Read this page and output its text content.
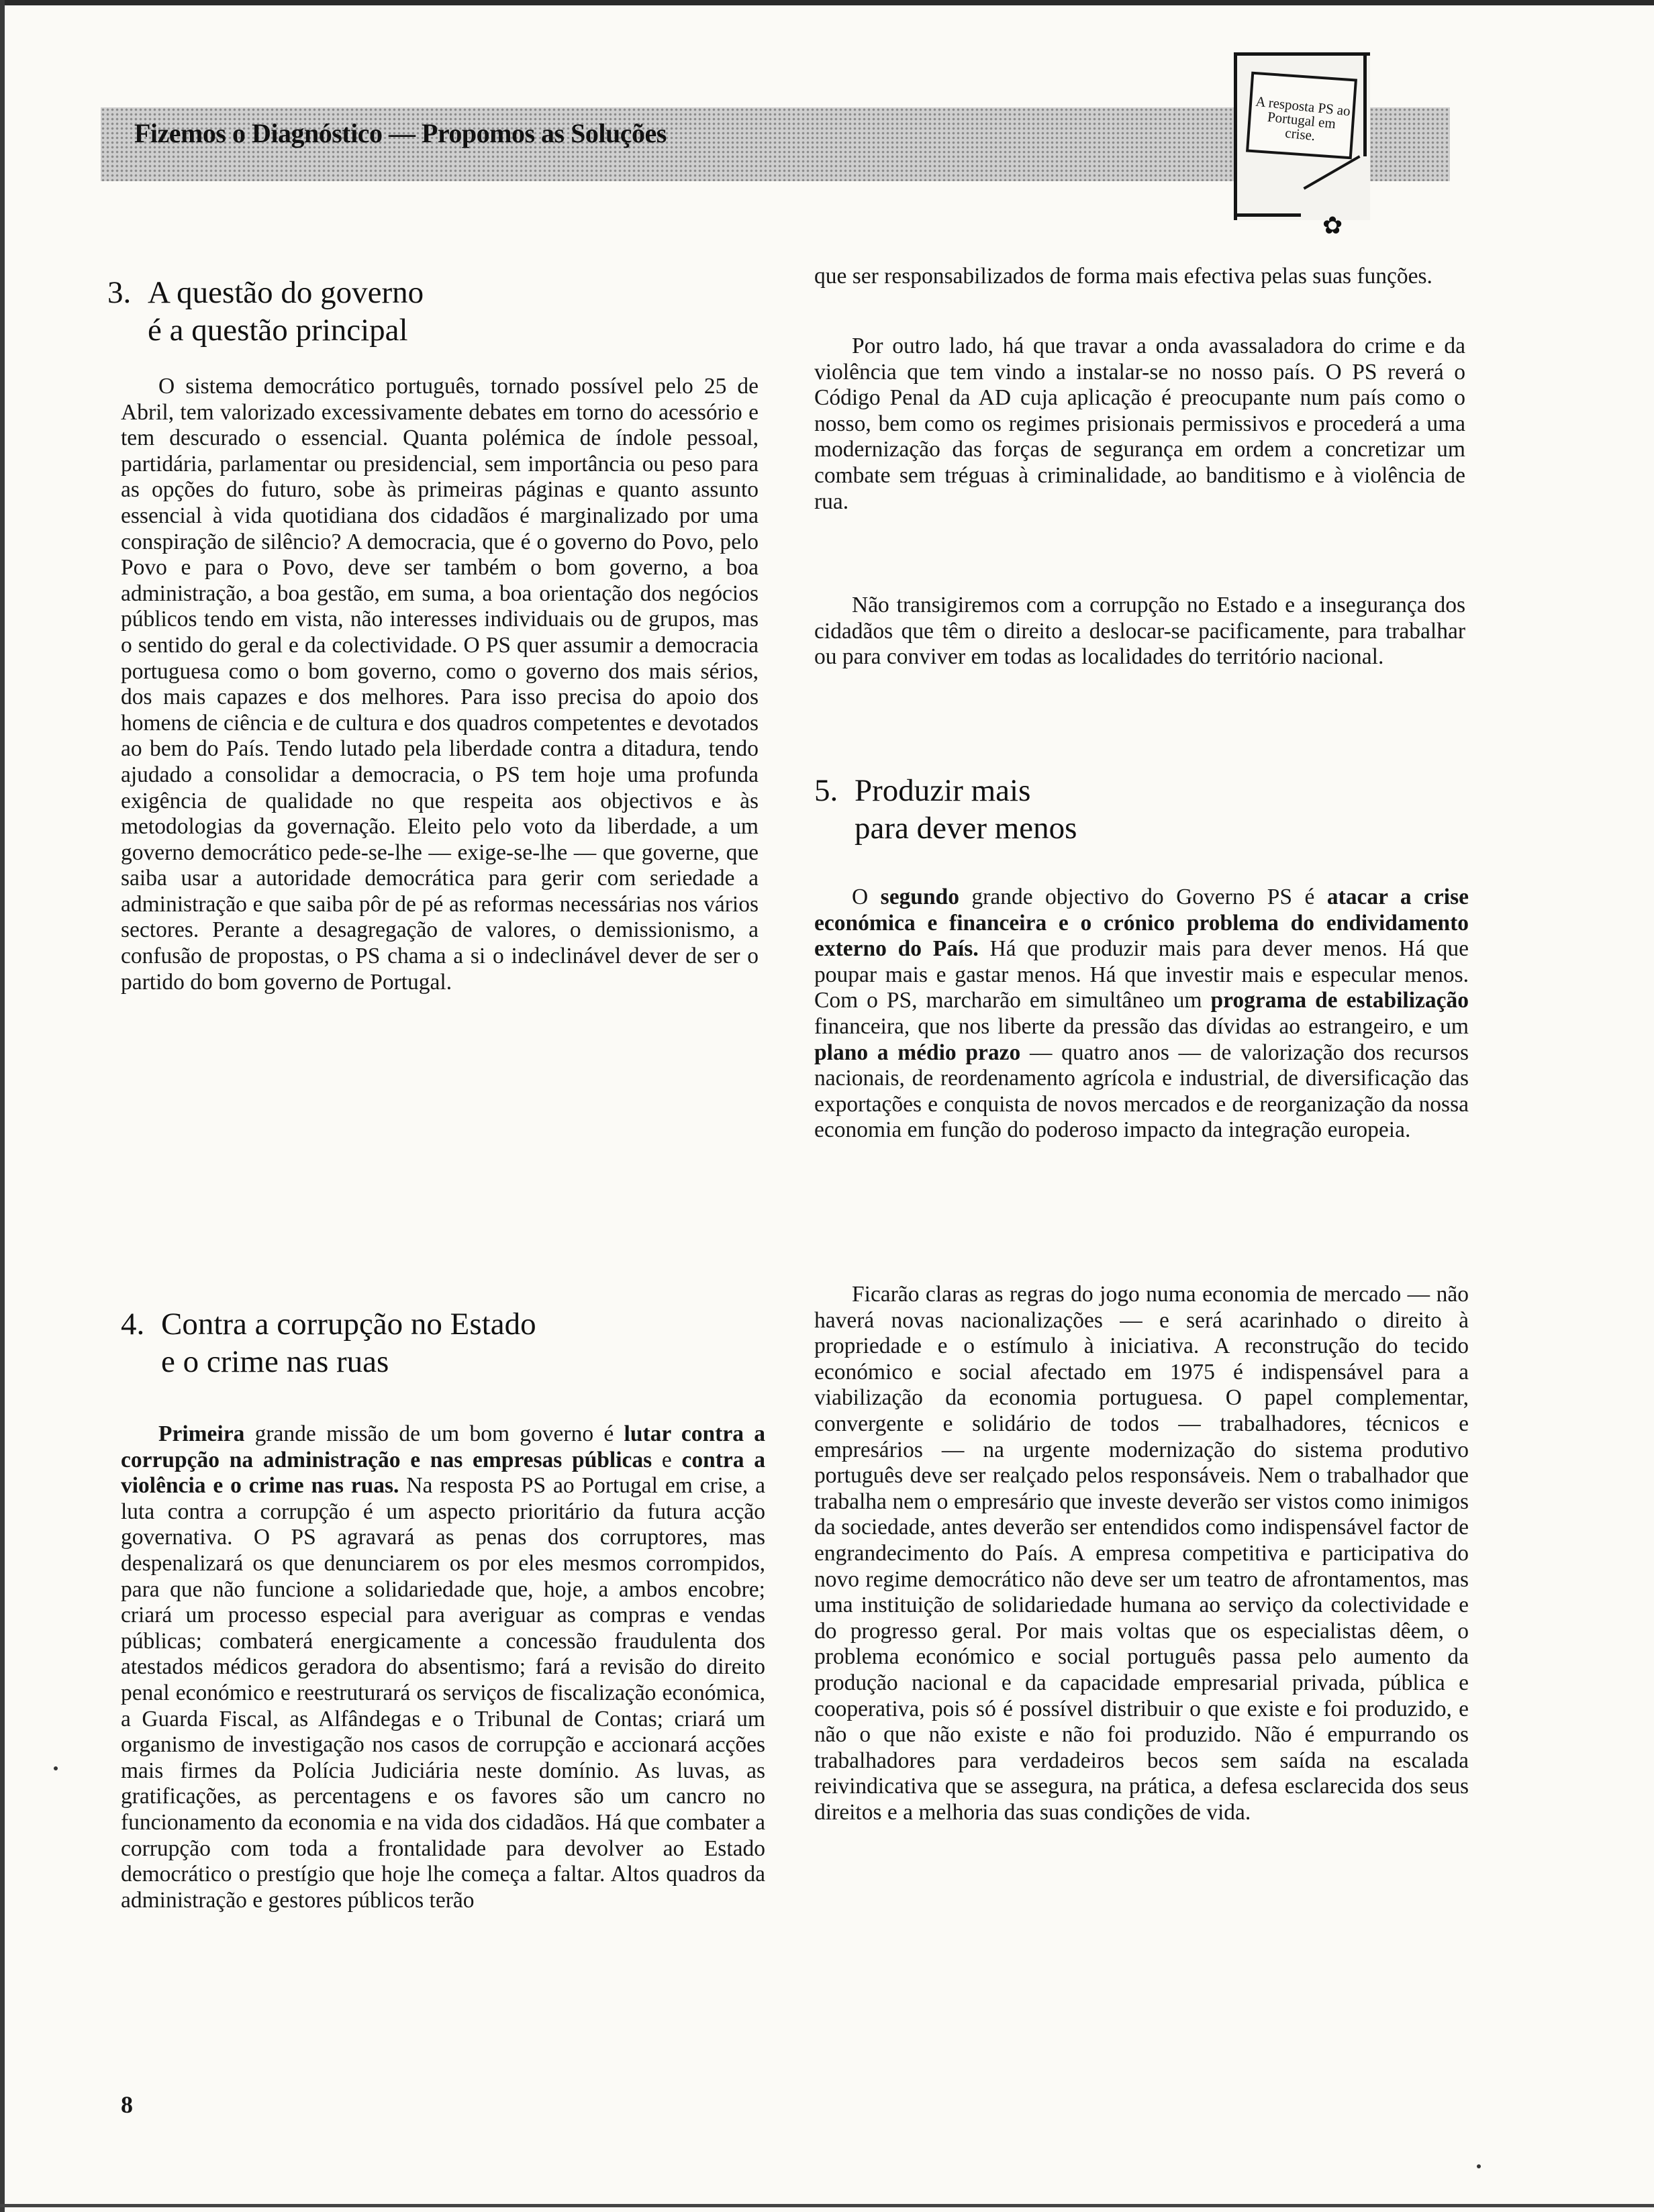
Fizemos o Diagnóstico — Propomos as Soluções
A resposta PS ao Portugal em crise.
✿
3. A questão do governo
é a questão principal

O sistema democrático português, tornado possível pelo 25 de Abril, tem valorizado excessivamente debates em torno do acessório e tem descurado o essencial. Quanta polémica de índole pessoal, partidária, parlamentar ou presidencial, sem importância ou peso para as opções do futuro, sobe às primeiras páginas e quanto assunto essencial à vida quotidiana dos cidadãos é marginalizado por uma conspiração de silêncio? A democracia, que é o governo do Povo, pelo Povo e para o Povo, deve ser também o bom governo, a boa administração, a boa gestão, em suma, a boa orientação dos negócios públicos tendo em vista, não interesses individuais ou de grupos, mas o sentido do geral e da colectividade. O PS quer assumir a democracia portuguesa como o bom governo, como o governo dos mais sérios, dos mais capazes e dos melhores. Para isso precisa do apoio dos homens de ciência e de cultura e dos quadros competentes e devotados ao bem do País. Tendo lutado pela liberdade contra a ditadura, tendo ajudado a consolidar a democracia, o PS tem hoje uma profunda exigência de qualidade no que respeita aos objectivos e às metodologias da governação. Eleito pelo voto da liberdade, a um governo democrático pede-se-lhe — exige-se-lhe — que governe, que saiba usar a autoridade democrática para gerir com seriedade a administração e que saiba pôr de pé as reformas necessárias nos vários sectores. Perante a desagregação de valores, o demissionismo, a confusão de propostas, o PS chama a si o indeclinável dever de ser o partido do bom governo de Portugal.

4. Contra a corrupção no Estado
e o crime nas ruas

Primeira grande missão de um bom governo é lutar contra a corrupção na administração e nas empresas públicas e contra a violência e o crime nas ruas. Na resposta PS ao Portugal em crise, a luta contra a corrupção é um aspecto prioritário da futura acção governativa. O PS agravará as penas dos corruptores, mas despenalizará os que denunciarem os por eles mesmos corrompidos, para que não funcione a solidariedade que, hoje, a ambos encobre; criará um processo especial para averiguar as compras e vendas públicas; combaterá energicamente a concessão fraudulenta dos atestados médicos geradora do absentismo; fará a revisão do direito penal económico e reestruturará os serviços de fiscalização económica, a Guarda Fiscal, as Alfândegas e o Tribunal de Contas; criará um organismo de investigação nos casos de corrupção e accionará acções mais firmes da Polícia Judiciária neste domínio. As luvas, as gratificações, as percentagens e os favores são um cancro no funcionamento da economia e na vida dos cidadãos. Há que combater a corrupção com toda a frontalidade para devolver ao Estado democrático o prestígio que hoje lhe começa a faltar. Altos quadros da administração e gestores públicos terão

8

que ser responsabilizados de forma mais efectiva pelas suas funções.

Por outro lado, há que travar a onda avassaladora do crime e da violência que tem vindo a instalar-se no nosso país. O PS reverá o Código Penal da AD cuja aplicação é preocupante num país como o nosso, bem como os regimes prisionais permissivos e procederá a uma modernização das forças de segurança em ordem a concretizar um combate sem tréguas à criminalidade, ao banditismo e à violência de rua.

Não transigiremos com a corrupção no Estado e a insegurança dos cidadãos que têm o direito a deslocar-se pacificamente, para trabalhar ou para conviver em todas as localidades do território nacional.

5. Produzir mais
para dever menos

O segundo grande objectivo do Governo PS é atacar a crise económica e financeira e o crónico problema do endividamento externo do País. Há que produzir mais para dever menos. Há que poupar mais e gastar menos. Há que investir mais e especular menos. Com o PS, marcharão em simultâneo um programa de estabilização financeira, que nos liberte da pressão das dívidas ao estrangeiro, e um plano a médio prazo — quatro anos — de valorização dos recursos nacionais, de reordenamento agrícola e industrial, de diversificação das exportações e conquista de novos mercados e de reorganização da nossa economia em função do poderoso impacto da integração europeia.

Ficarão claras as regras do jogo numa economia de mercado — não haverá novas nacionalizações — e será acarinhado o direito à propriedade e o estímulo à iniciativa. A reconstrução do tecido económico e social afectado em 1975 é indispensável para a viabilização da economia portuguesa. O papel complementar, convergente e solidário de todos — trabalhadores, técnicos e empresários — na urgente modernização do sistema produtivo português deve ser realçado pelos responsáveis. Nem o trabalhador que trabalha nem o empresário que investe deverão ser vistos como inimigos da sociedade, antes deverão ser entendidos como indispensável factor de engrandecimento do País. A empresa competitiva e participativa do novo regime democrático não deve ser um teatro de afrontamentos, mas uma instituição de solidariedade humana ao serviço da colectividade e do progresso geral. Por mais voltas que os especialistas dêem, o problema económico e social português passa pelo aumento da produção nacional e da capacidade empresarial privada, pública e cooperativa, pois só é possível distribuir o que existe e foi produzido, e não o que não existe e não foi produzido. Não é empurrando os trabalhadores para verdadeiros becos sem saída na escalada reivindicativa que se assegura, na prática, a defesa esclarecida dos seus direitos e a melhoria das suas condições de vida.
